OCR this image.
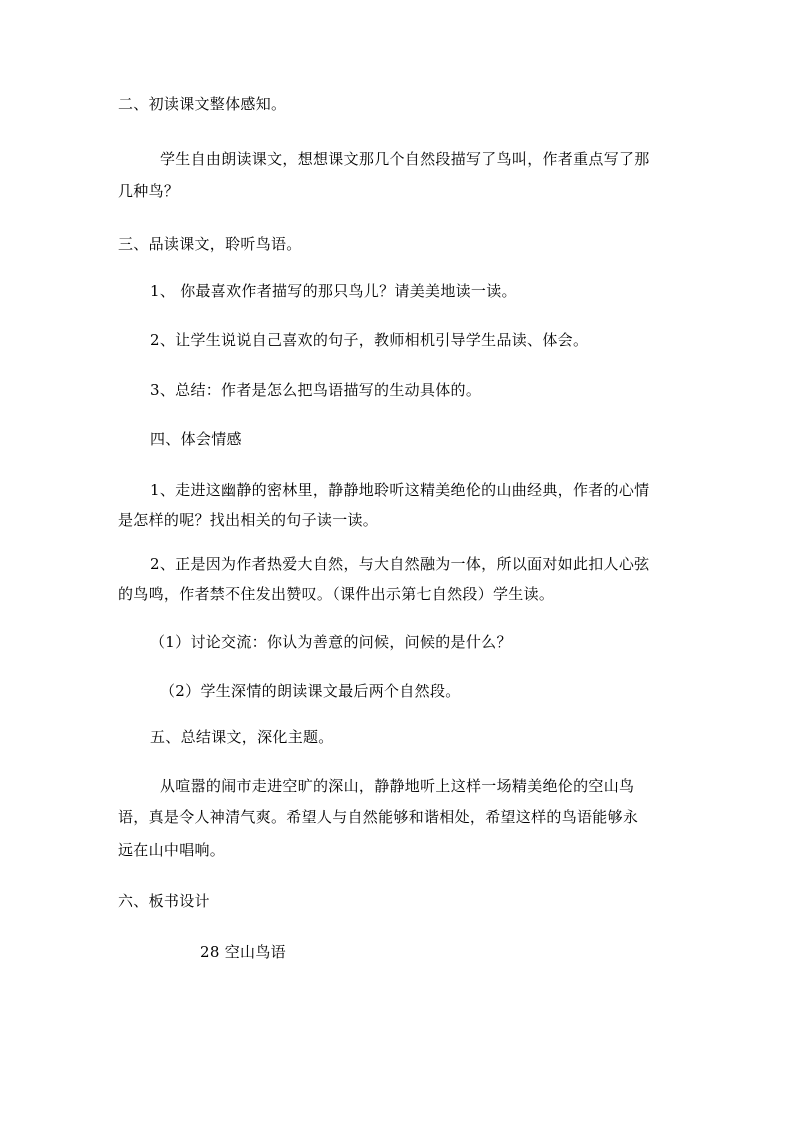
二、初读课文整体感知。

学生自由朗读课文，想想课文那几个自然段描写了鸟叫，作者重点写了那

几种鸟？

三、品读课文，聆听鸟语。

1、 你最喜欢作者描写的那只鸟儿？请美美地读一读。

2、让学生说说自己喜欢的句子，教师相机引导学生品读、体会。

3、总结：作者是怎么把鸟语描写的生动具体的。

四、体会情感

1、走进这幽静的密林里，静静地聆听这精美绝伦的山曲经典，作者的心情

是怎样的呢？找出相关的句子读一读。

2、正是因为作者热爱大自然，与大自然融为一体，所以面对如此扣人心弦

的鸟鸣，作者禁不住发出赞叹。（课件出示第七自然段）学生读。

（1）讨论交流：你认为善意的问候，问候的是什么？

（2）学生深情的朗读课文最后两个自然段。

五、总结课文，深化主题。

从喧嚣的闹市走进空旷的深山，静静地听上这样一场精美绝伦的空山鸟

语，真是令人神清气爽。希望人与自然能够和谐相处，希望这样的鸟语能够永

远在山中唱响。

六、板书设计

28 空山鸟语
